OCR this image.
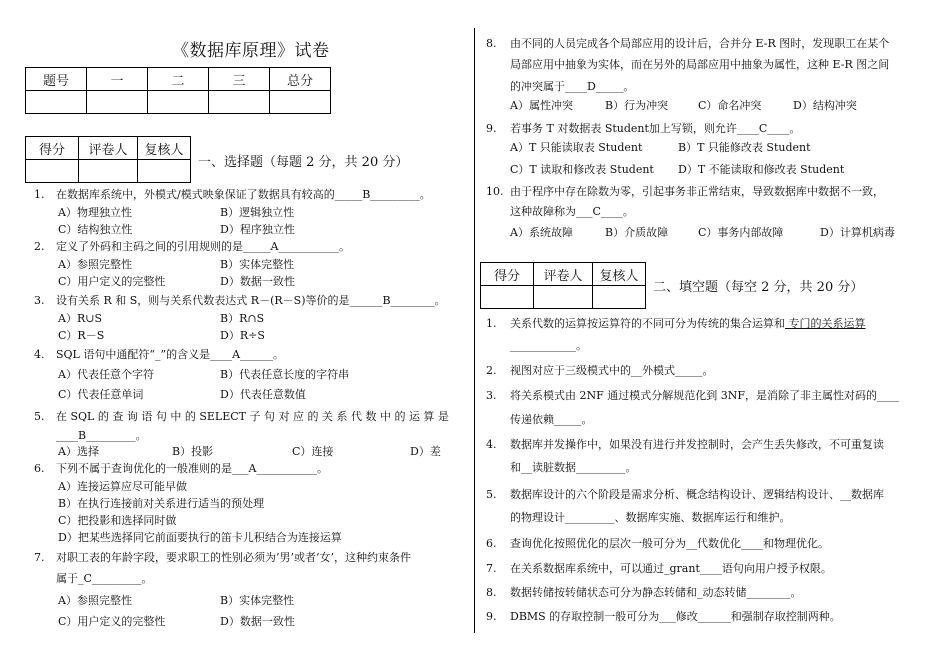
《数据库原理》试卷
题号	一	二	三	总分

得分	评卷人	复核人

一、选择题（每题 2 分，共 20 分）
1. 在数据库系统中，外模式/模式映象保证了数据具有较高的_____B_________。
A）物理独立性	B）逻辑独立性
C）结构独立性	D）程序独立性
2. 定义了外码和主码之间的引用规则的是_____A___________。
A）参照完整性	B）实体完整性
C）用户定义的完整性	D）数据一致性
3. 设有关系 R 和 S，则与关系代数表达式 R－(R－S)等价的是______B________。
A）R∪S	B）R∩S
C）R－S	D）R÷S
4. SQL 语句中通配符“_”的含义是____A______。
A）代表任意个字符	B）代表任意长度的字符串
C）代表任意单词	D）代表任意数值
5. 在 SQL 的 查 询 语 句 中 的 SELECT 子 句 对 应 的 关 系 代 数 中 的 运 算 是
____B_________。
A）选择	B）投影	C）连接	D）差
6. 下列不属于查询优化的一般准则的是___A___________。
A）连接运算应尽可能早做
B）在执行连接前对关系进行适当的预处理
C）把投影和选择同时做
D）把某些选择同它前面要执行的笛卡儿积结合为连接运算
7. 对职工表的年龄字段，要求职工的性别必须为‘男’或者‘女’，这种约束条件
属于_C_________。
A）参照完整性	B）实体完整性
C）用户定义的完整性	D）数据一致性
8. 由不同的人员完成各个局部应用的设计后，合并分 E-R 图时，发现职工在某个
局部应用中抽象为实体，而在另外的局部应用中抽象为属性，这种 E-R 图之间
的冲突属于____D_____。
A）属性冲突	B）行为冲突	C）命名冲突	D）结构冲突
9. 若事务 T 对数据表 Student加上写锁，则允许____C____。
A）T 只能读取表 Student	B）T 只能修改表 Student
C）T 读取和修改表 Student D）T 不能读取和修改表 Student
10. 由于程序中存在除数为零，引起事务非正常结束，导致数据库中数据不一致，
这种故障称为___C____。
A）系统故障	B）介质故障	C）事务内部故障	D）计算机病毒
得分	评卷人	复核人

二、填空题（每空 2 分，共 20 分）
1. 关系代数的运算按运算符的不同可分为传统的集合运算和 专门的关系运算
____________。
2. 视图对应于三级模式中的__外模式_____。
3. 将关系模式由 2NF 通过模式分解规范化到 3NF，是消除了非主属性对码的____
传递依赖_____。
4. 数据库并发操作中，如果没有进行并发控制时，会产生丢失修改，不可重复读
和__读脏数据_________。
5. 数据库设计的六个阶段是需求分析、概念结构设计、逻辑结构设计、__数据库
的物理设计_________、数据库实施、数据库运行和维护。
6. 查询优化按照优化的层次一般可分为__代数优化____和物理优化。
7. 在关系数据库系统中，可以通过_grant____语句向用户授予权限。
8. 数据转储按转储状态可分为静态转储和_动态转储________。
9. DBMS 的存取控制一般可分为___修改______和强制存取控制两种。
